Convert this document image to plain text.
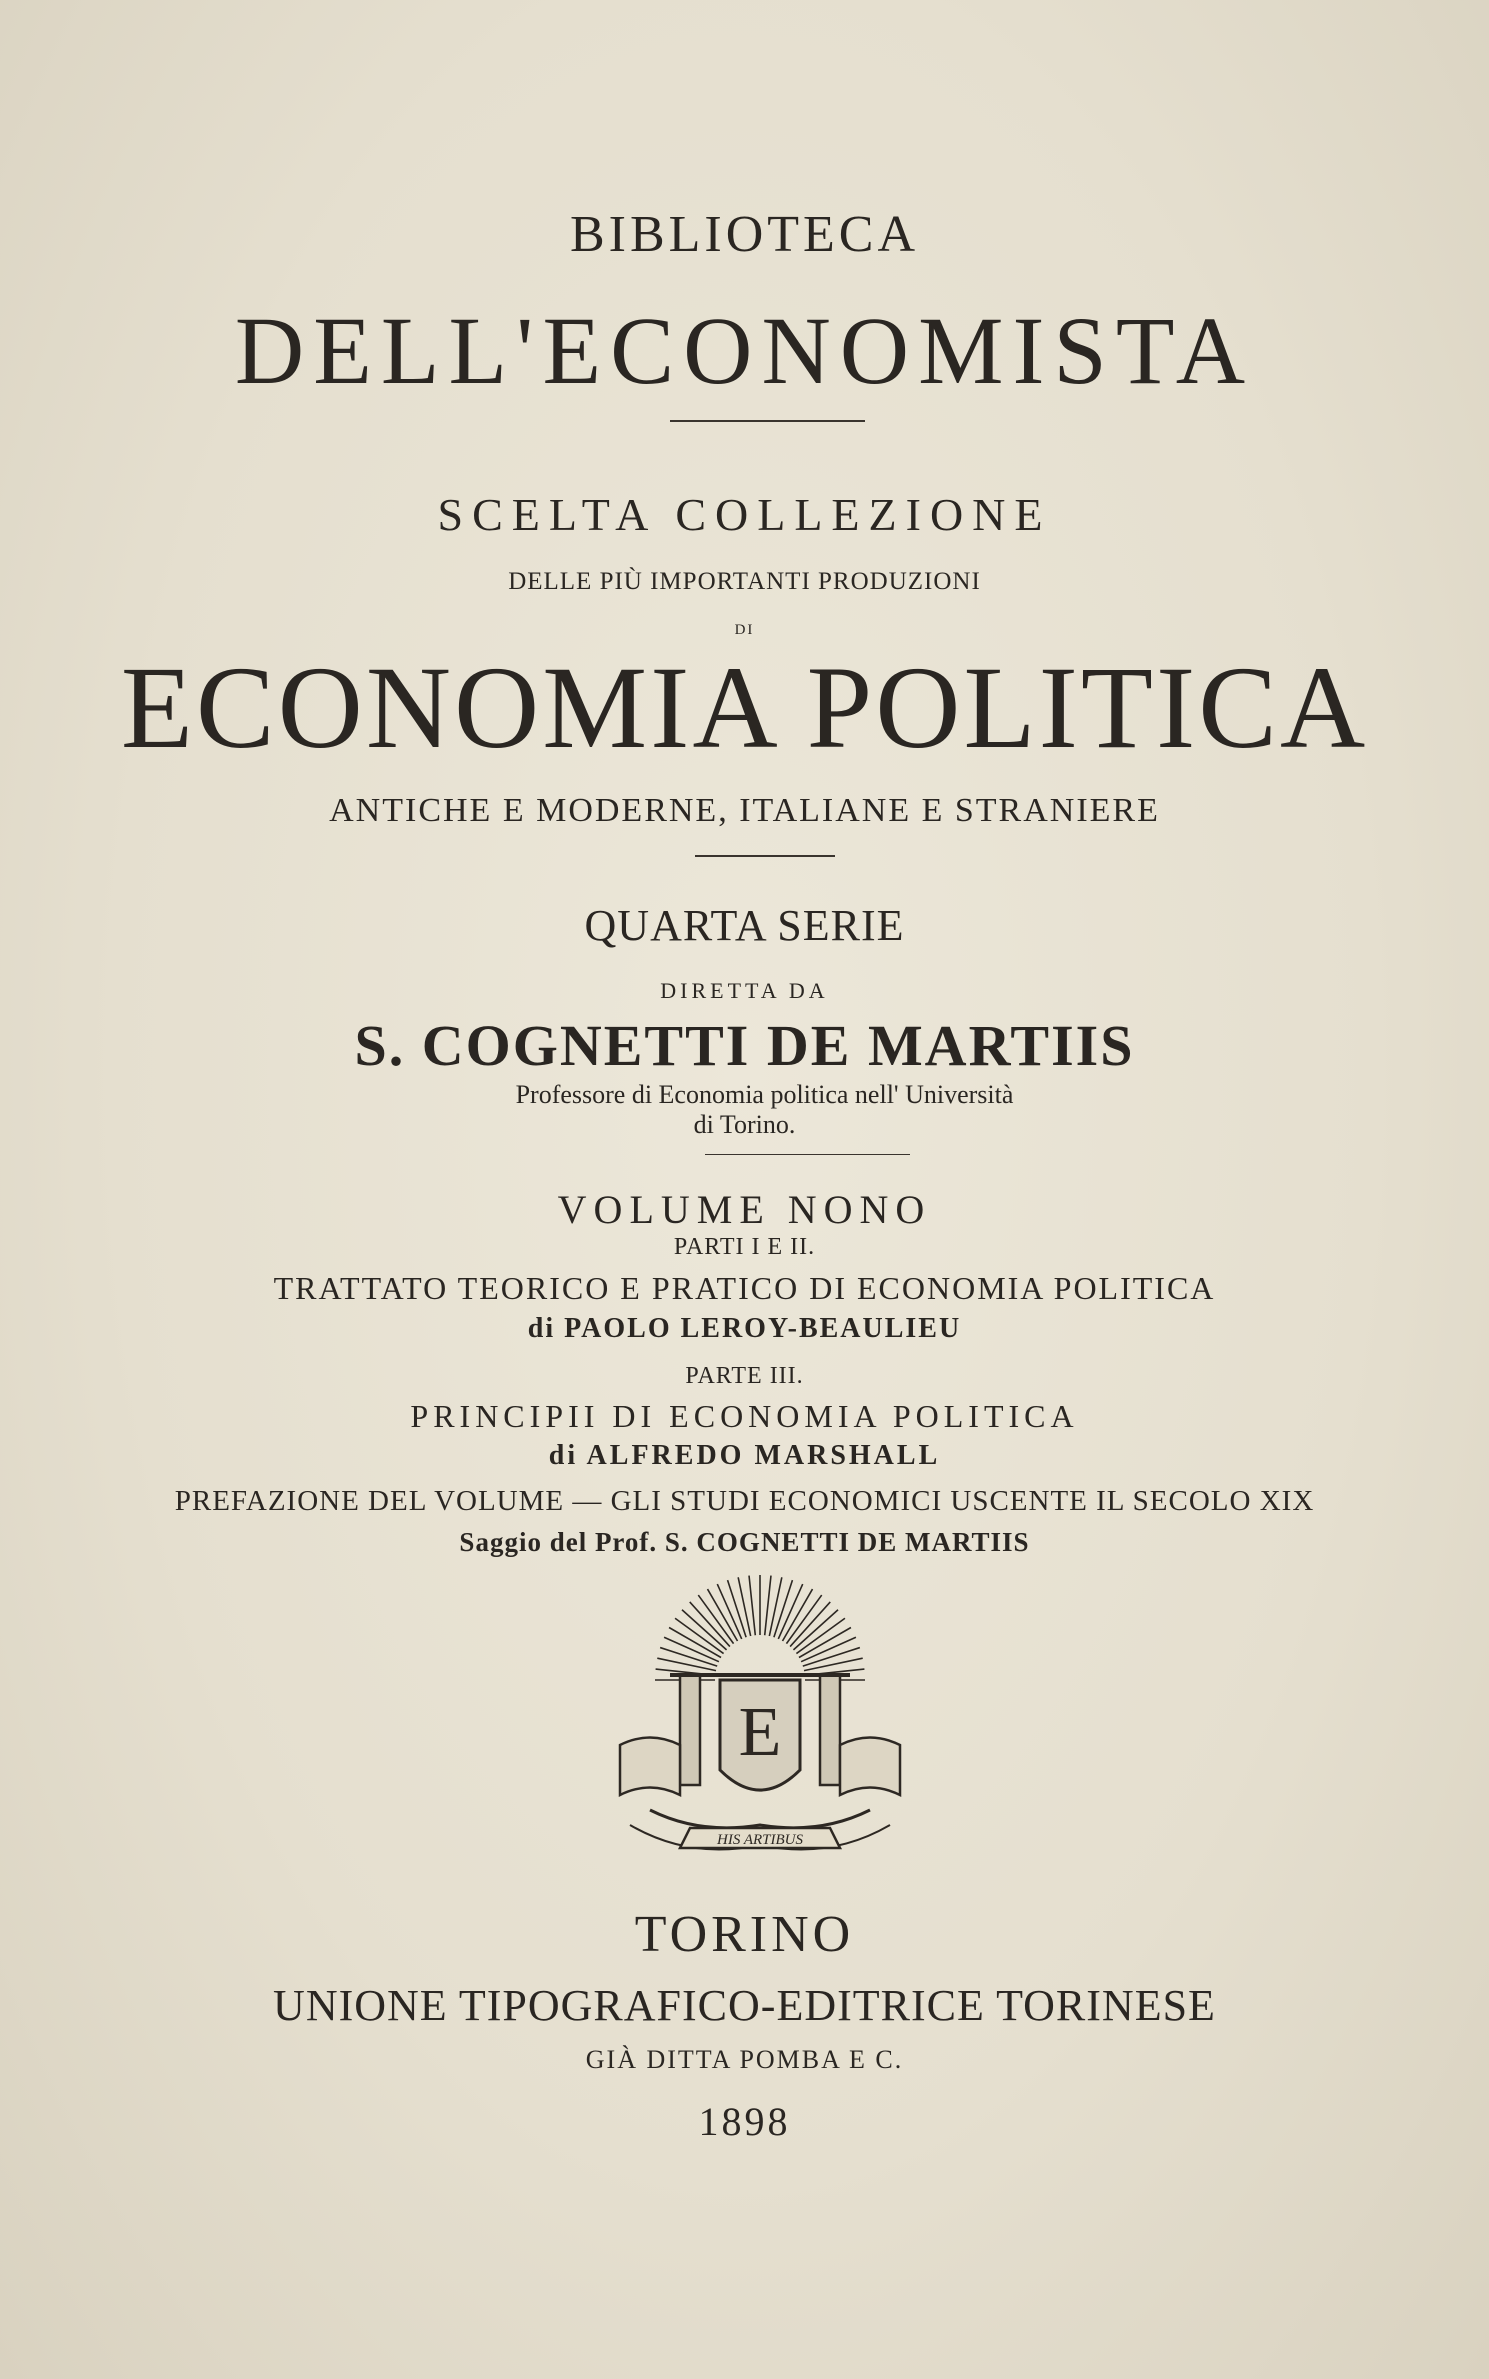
BIBLIOTECA
DELL'ECONOMISTA
SCELTA COLLEZIONE
DELLE PIÙ IMPORTANTI PRODUZIONI
DI
ECONOMIA POLITICA
ANTICHE E MODERNE, ITALIANE E STRANIERE
QUARTA SERIE
DIRETTA DA
S. COGNETTI DE MARTIIS
Professore di Economia politica nell' Università
di Torino.
VOLUME NONO
PARTI I E II.
TRATTATO TEORICO E PRATICO DI ECONOMIA POLITICA
di PAOLO LEROY-BEAULIEU
PARTE III.
PRINCIPII DI ECONOMIA POLITICA
di ALFREDO MARSHALL
PREFAZIONE DEL VOLUME — GLI STUDI ECONOMICI USCENTE IL SECOLO XIX
Saggio del Prof. S. COGNETTI DE MARTIIS
E
HIS ARTIBUS
TORINO
UNIONE TIPOGRAFICO-EDITRICE TORINESE
GIÀ DITTA POMBA E C.
1898
